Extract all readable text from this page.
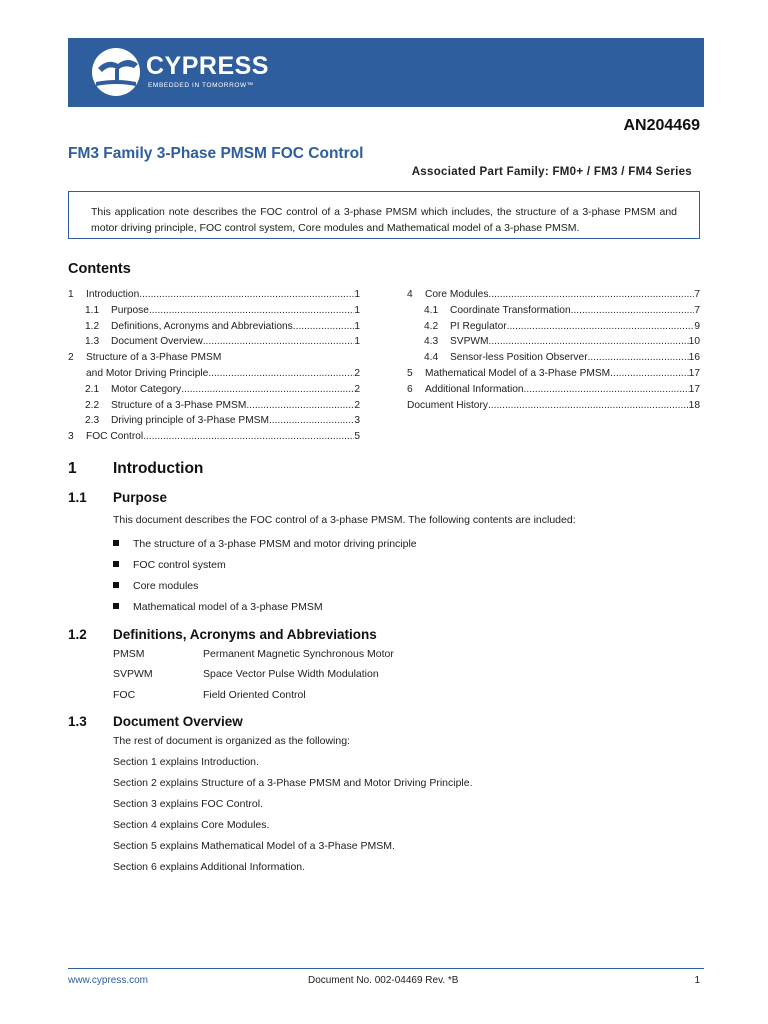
CYPRESS
EMBEDDED IN TOMORROW™
AN204469
FM3 Family 3-Phase PMSM FOC Control
Associated Part Family: FM0+ / FM3 / FM4 Series

This application note describes the FOC control of a 3-phase PMSM which includes, the structure of a 3-phase PMSM and motor driving principle, FOC control system, Core modules and Mathematical model of a 3-phase PMSM.

Contents
1	Introduction .....	1
1.1	Purpose .....	1
1.2	Definitions, Acronyms and Abbreviations .....	1
1.3	Document Overview .....	1
2	Structure of a 3-Phase PMSM
and Motor Driving Principle .....	2
2.1	Motor Category .....	2
2.2	Structure of a 3-Phase PMSM .....	2
2.3	Driving principle of 3-Phase PMSM .....	3
3	FOC Control .....	5
4	Core Modules .....	7
4.1	Coordinate Transformation .....	7
4.2	PI Regulator .....	9
4.3	SVPWM .....	10
4.4	Sensor-less Position Observer .....	16
5	Mathematical Model of a 3-Phase PMSM .....	17
6	Additional Information .....	17
Document History .....	18
1 Introduction
1.1 Purpose
This document describes the FOC control of a 3-phase PMSM. The following contents are included:
The structure of a 3-phase PMSM and motor driving principle
FOC control system
Core modules
Mathematical model of a 3-phase PMSM
1.2 Definitions, Acronyms and Abbreviations
PMSM	Permanent Magnetic Synchronous Motor
SVPWM	Space Vector Pulse Width Modulation
FOC	Field Oriented Control
1.3 Document Overview
The rest of document is organized as the following:
Section 1 explains Introduction.
Section 2 explains Structure of a 3-Phase PMSM and Motor Driving Principle.
Section 3 explains FOC Control.
Section 4 explains Core Modules.
Section 5 explains Mathematical Model of a 3-Phase PMSM.
Section 6 explains Additional Information.
www.cypress.com	Document No. 002-04469 Rev. *B	1
